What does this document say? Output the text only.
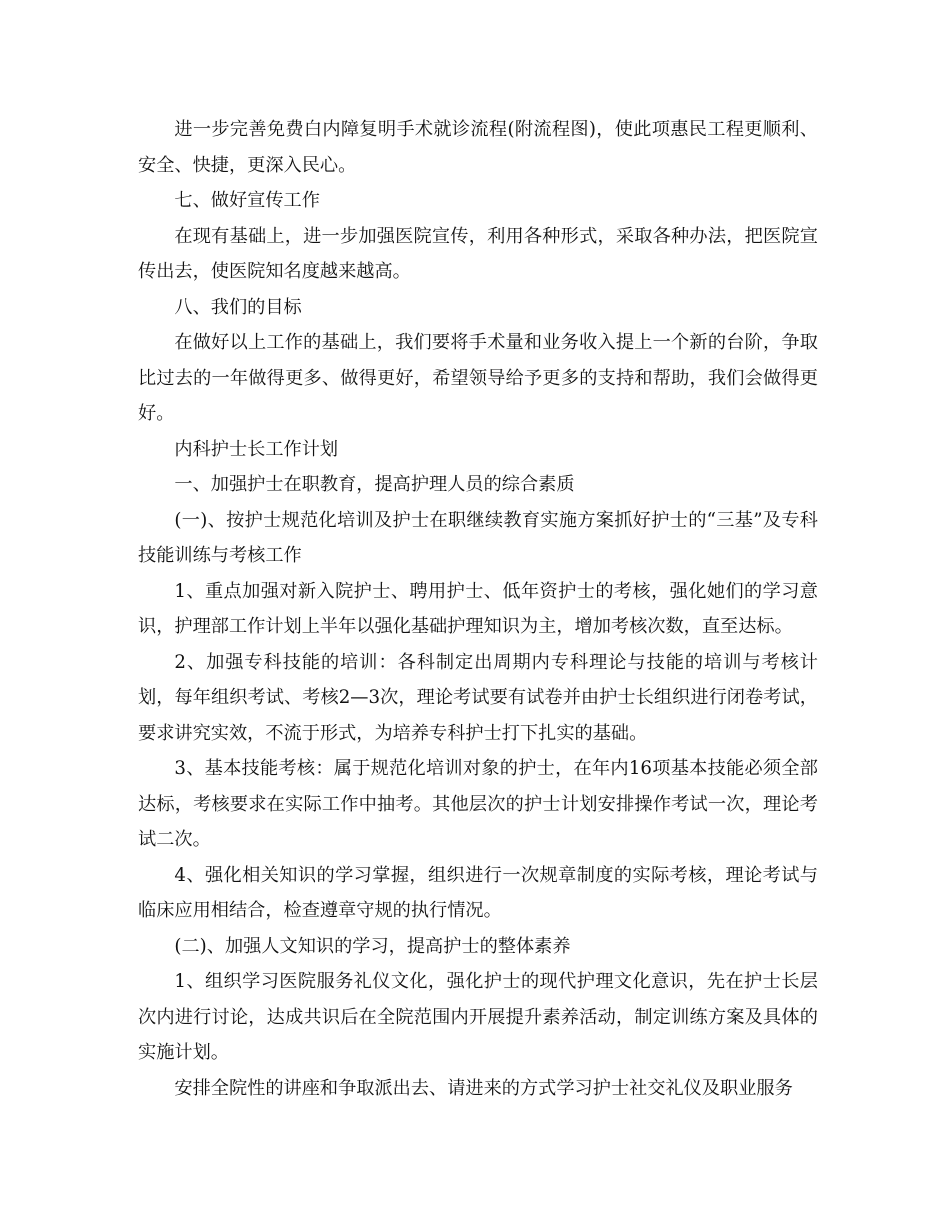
进一步完善免费白内障复明手术就诊流程(附流程图)，使此项惠民工程更顺利、安全、快捷，更深入民心。

七、做好宣传工作

在现有基础上，进一步加强医院宣传，利用各种形式，采取各种办法，把医院宣传出去，使医院知名度越来越高。

八、我们的目标

在做好以上工作的基础上，我们要将手术量和业务收入提上一个新的台阶，争取比过去的一年做得更多、做得更好，希望领导给予更多的支持和帮助，我们会做得更好。

内科护士长工作计划

一、加强护士在职教育，提高护理人员的综合素质

(一)、按护士规范化培训及护士在职继续教育实施方案抓好护士的“三基”及专科技能训练与考核工作

1、重点加强对新入院护士、聘用护士、低年资护士的考核，强化她们的学习意识，护理部工作计划上半年以强化基础护理知识为主，增加考核次数，直至达标。

2、加强专科技能的培训：各科制定出周期内专科理论与技能的培训与考核计划，每年组织考试、考核2—3次，理论考试要有试卷并由护士长组织进行闭卷考试，要求讲究实效，不流于形式，为培养专科护士打下扎实的基础。

3、基本技能考核：属于规范化培训对象的护士，在年内16项基本技能必须全部达标，考核要求在实际工作中抽考。其他层次的护士计划安排操作考试一次，理论考试二次。

4、强化相关知识的学习掌握，组织进行一次规章制度的实际考核，理论考试与临床应用相结合，检查遵章守规的执行情况。

(二)、加强人文知识的学习，提高护士的整体素养

1、组织学习医院服务礼仪文化，强化护士的现代护理文化意识，先在护士长层次内进行讨论，达成共识后在全院范围内开展提升素养活动，制定训练方案及具体的实施计划。

安排全院性的讲座和争取派出去、请进来的方式学习护士社交礼仪及职业服务
